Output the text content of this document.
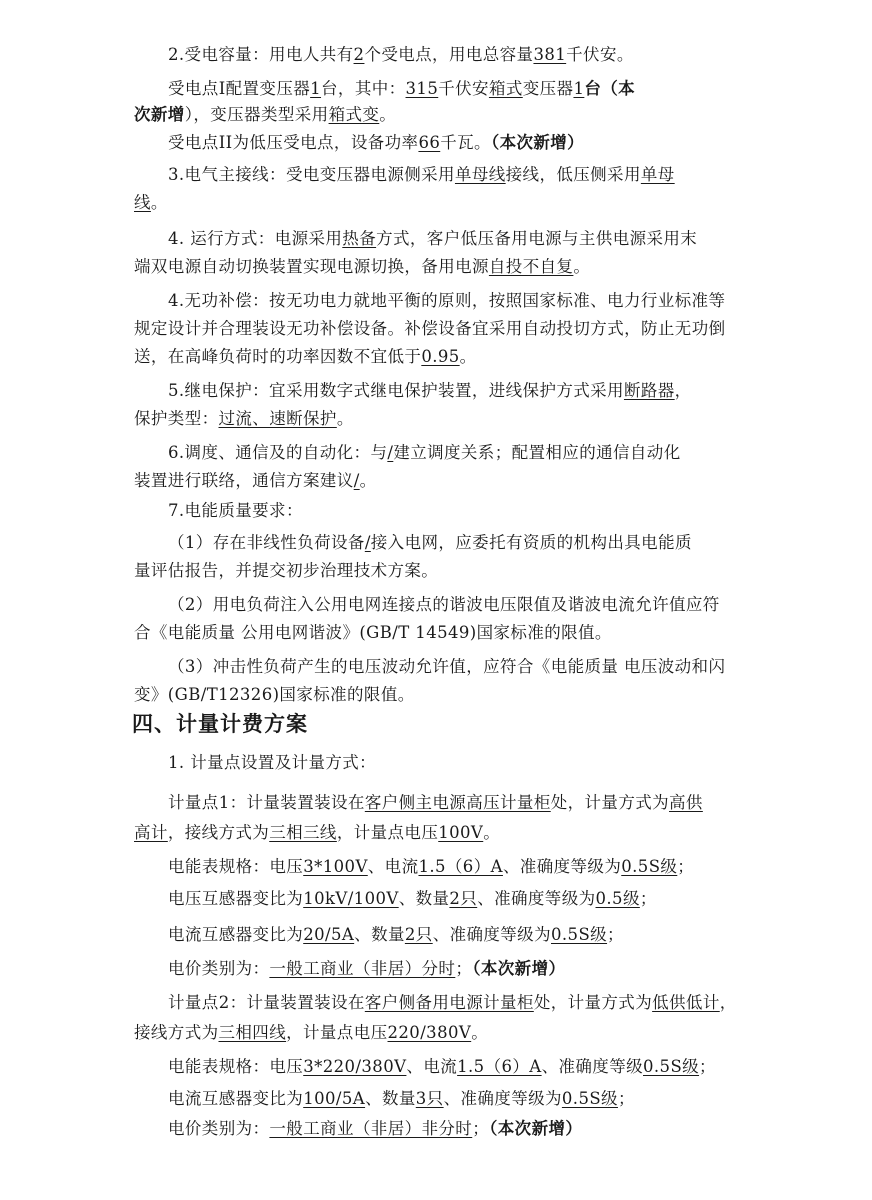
2.受电容量：用电人共有2个受电点，用电总容量381千伏安。
受电点Ⅰ配置变压器1台，其中：315千伏安箱式变压器1台（本
次新增），变压器类型采用箱式变。
受电点II为低压受电点，设备功率66千瓦。（本次新增）
3.电气主接线：受电变压器电源侧采用单母线接线，低压侧采用单母
线。
4. 运行方式：电源采用热备方式，客户低压备用电源与主供电源采用末
端双电源自动切换装置实现电源切换，备用电源自投不自复。
4.无功补偿：按无功电力就地平衡的原则，按照国家标准、电力行业标准等
规定设计并合理装设无功补偿设备。补偿设备宜采用自动投切方式，防止无功倒
送，在高峰负荷时的功率因数不宜低于0.95。
5.继电保护：宜采用数字式继电保护装置，进线保护方式采用断路器，
保护类型：过流、速断保护。
6.调度、通信及的自动化：与/建立调度关系；配置相应的通信自动化
装置进行联络，通信方案建议/。
7.电能质量要求：
（1）存在非线性负荷设备/接入电网，应委托有资质的机构出具电能质
量评估报告，并提交初步治理技术方案。
（2）用电负荷注入公用电网连接点的谐波电压限值及谐波电流允许值应符
合《电能质量 公用电网谐波》(GB/T 14549)国家标准的限值。
（3）冲击性负荷产生的电压波动允许值，应符合《电能质量 电压波动和闪
变》(GB/T12326)国家标准的限值。
四、计量计费方案
1. 计量点设置及计量方式：
计量点1：计量装置装设在客户侧主电源高压计量柜处，计量方式为高供
高计，接线方式为三相三线，计量点电压100V。
电能表规格：电压3*100V、电流1.5（6）A、准确度等级为0.5S级；
电压互感器变比为10kV/100V、数量2只、准确度等级为0.5级；
电流互感器变比为20/5A、数量2只、准确度等级为0.5S级；
电价类别为：一般工商业（非居）分时；（本次新增）
计量点2：计量装置装设在客户侧备用电源计量柜处，计量方式为低供低计，
接线方式为三相四线，计量点电压220/380V。
电能表规格：电压3*220/380V、电流1.5（6）A、准确度等级0.5S级；
电流互感器变比为100/5A、数量3只、准确度等级为0.5S级；
电价类别为：一般工商业（非居）非分时；（本次新增）
